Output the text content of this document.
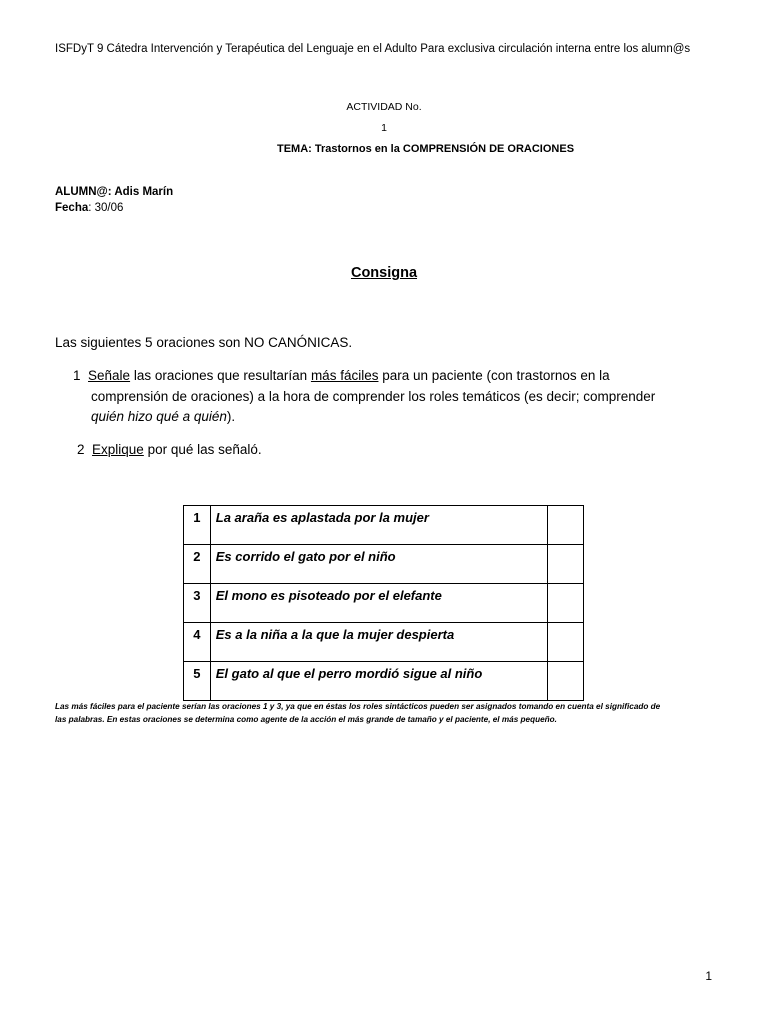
ISFDyT 9 Cátedra Intervención y Terapéutica del Lenguaje en el Adulto Para exclusiva circulación interna entre los alumn@s
ACTIVIDAD No.
1
TEMA: Trastornos en la COMPRENSIÓN DE ORACIONES
ALUMN@: Adis Marín
Fecha: 30/06
Consigna
Las siguientes 5 oraciones son NO CANÓNICAS.
1 Señale las oraciones que resultarían más fáciles para un paciente (con trastornos en la
comprensión de oraciones) a la hora de comprender los roles temáticos (es decir; comprender
quién hizo qué a quién).
2 Explique por qué las señaló.
1	La araña es aplastada por la mujer	
2	Es corrido el gato por el niño	
3	El mono es pisoteado por el elefante	
4	Es a la niña a la que la mujer despierta	
5	El gato al que el perro mordió sigue al niño	
Las más fáciles para el paciente serían las oraciones 1 y 3, ya que en éstas los roles sintácticos pueden ser asignados tomando en cuenta el significado de
las palabras. En estas oraciones se determina como agente de la acción el más grande de tamaño y el paciente, el más pequeño.
1
